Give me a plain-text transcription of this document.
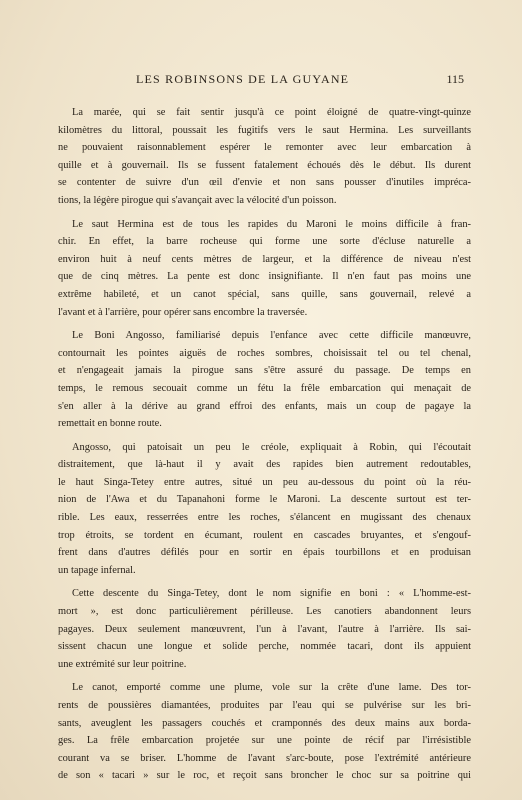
LES ROBINSONS DE LA GUYANE	115

La marée, qui se fait sentir jusqu'à ce point éloigné de quatre-vingt-quinze
kilomètres du littoral, poussait les fugitifs vers le saut Hermina. Les surveillants
ne pouvaient raisonnablement espérer le remonter avec leur embarcation à
quille et à gouvernail. Ils se fussent fatalement échoués dès le début. Ils durent
se contenter de suivre d'un œil d'envie et non sans pousser d'inutiles impréca-
tions, la légère pirogue qui s'avançait avec la vélocité d'un poisson.

Le saut Hermina est de tous les rapides du Maroni le moins difficile à fran-
chir. En effet, la barre rocheuse qui forme une sorte d'écluse naturelle a
environ huit à neuf cents mètres de largeur, et la différence de niveau n'est
que de cinq mètres. La pente est donc insignifiante. Il n'en faut pas moins une
extrême habileté, et un canot spécial, sans quille, sans gouvernail, relevé a
l'avant et à l'arrière, pour opérer sans encombre la traversée.

Le Boni Angosso, familiarisé depuis l'enfance avec cette difficile manœuvre,
contournait les pointes aiguës de roches sombres, choisissait tel ou tel chenal,
et n'engageait jamais la pirogue sans s'être assuré du passage. De temps en
temps, le remous secouait comme un fétu la frêle embarcation qui menaçait de
s'en aller à la dérive au grand effroi des enfants, mais un coup de pagaye la
remettait en bonne route.

Angosso, qui patoisait un peu le créole, expliquait à Robin, qui l'écoutait
distraitement, que là-haut il y avait des rapides bien autrement redoutables,
le haut Singa-Tetey entre autres, situé un peu au-dessous du point où la réu-
nion de l'Awa et du Tapanahoni forme le Maroni. La descente surtout est ter-
rible. Les eaux, resserrées entre les roches, s'élancent en mugissant des chenaux
trop étroits, se tordent en écumant, roulent en cascades bruyantes, et s'engouf-
frent dans d'autres défilés pour en sortir en épais tourbillons et en produisan
un tapage infernal.

Cette descente du Singa-Tetey, dont le nom signifie en boni : « L'homme-est-
mort », est donc particulièrement périlleuse. Les canotiers abandonnent leurs
pagayes. Deux seulement manœuvrent, l'un à l'avant, l'autre à l'arrière. Ils sai-
sissent chacun une longue et solide perche, nommée tacari, dont ils appuient
une extrémité sur leur poitrine.

Le canot, emporté comme une plume, vole sur la crête d'une lame. Des tor-
rents de poussières diamantées, produites par l'eau qui se pulvérise sur les bri-
sants, aveuglent les passagers couchés et cramponnés des deux mains aux borda-
ges. La frêle embarcation projetée sur une pointe de récif par l'irrésistible
courant va se briser. L'homme de l'avant s'arc-boute, pose l'extrémité antérieure
de son « tacari » sur le roc, et reçoit sans broncher le choc sur sa poitrine qui
